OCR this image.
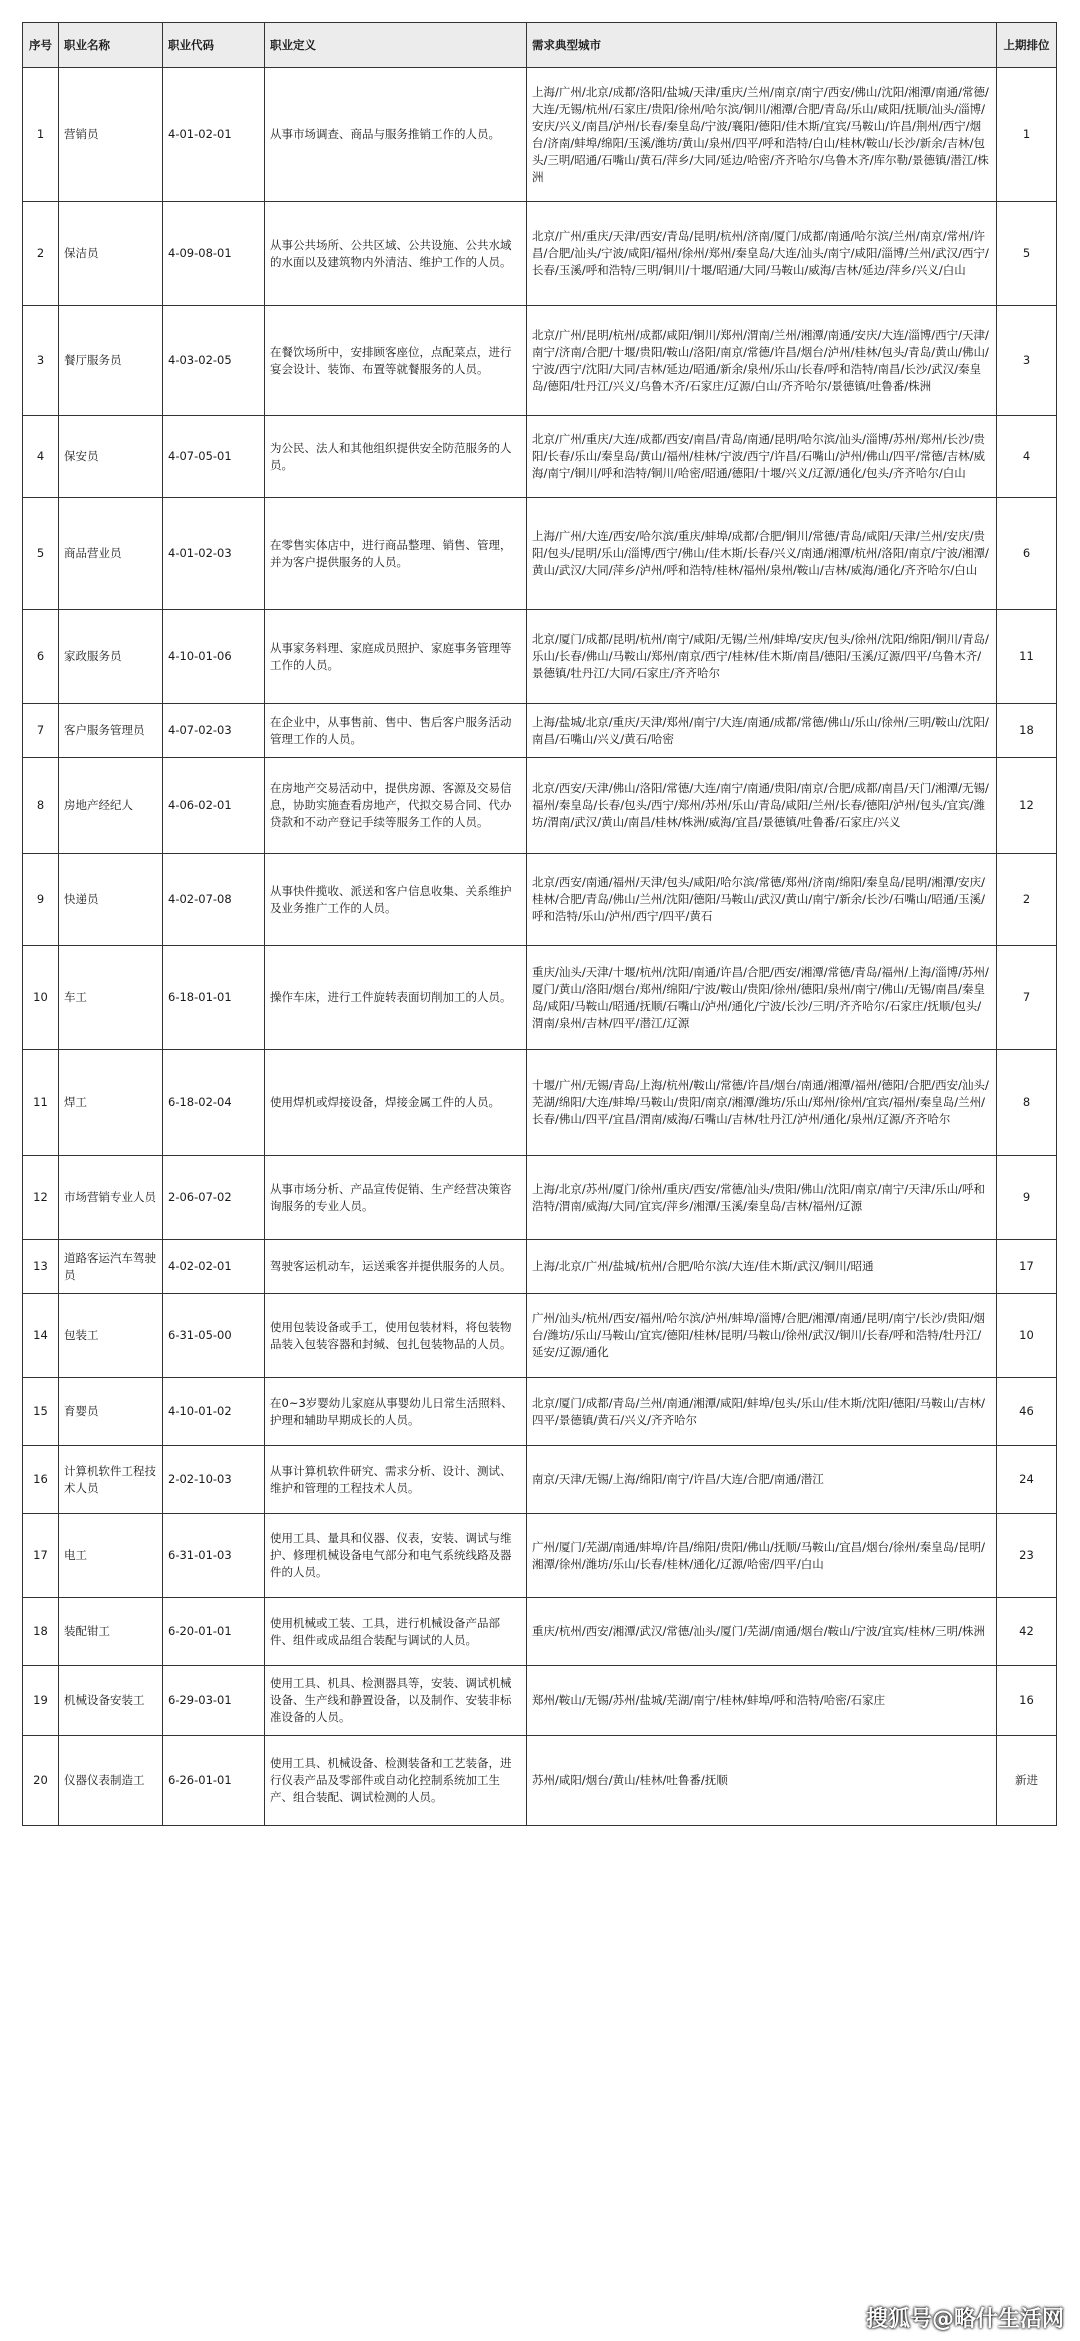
序号	职业名称	职业代码	职业定义	需求典型城市	上期排位
1	营销员	4-01-02-01	从事市场调查、商品与服务推销工作的人员。	上海/广州/北京/成都/洛阳/盐城/天津/重庆/兰州/南京/南宁/西安/佛山/沈阳/湘潭/南通/常德/大连/无锡/杭州/石家庄/贵阳/徐州/哈尔滨/铜川/湘潭/合肥/青岛/乐山/咸阳/抚顺/汕头/淄博/安庆/兴义/南昌/泸州/长春/秦皇岛/宁波/襄阳/德阳/佳木斯/宜宾/马鞍山/许昌/荆州/西宁/烟台/济南/蚌埠/绵阳/玉溪/潍坊/黄山/泉州/四平/呼和浩特/白山/桂林/鞍山/长沙/新余/吉林/包头/三明/昭通/石嘴山/黄石/萍乡/大同/延边/哈密/齐齐哈尔/乌鲁木齐/库尔勒/景德镇/潜江/株洲	1
2	保洁员	4-09-08-01	从事公共场所、公共区域、公共设施、公共水域的水面以及建筑物内外清洁、维护工作的人员。	北京/广州/重庆/天津/西安/青岛/昆明/杭州/济南/厦门/成都/南通/哈尔滨/兰州/南京/常州/许昌/合肥/汕头/宁波/咸阳/福州/徐州/郑州/秦皇岛/大连/汕头/南宁/咸阳/淄博/兰州/武汉/西宁/长春/玉溪/呼和浩特/三明/铜川/十堰/昭通/大同/马鞍山/威海/吉林/延边/萍乡/兴义/白山	5
3	餐厅服务员	4-03-02-05	在餐饮场所中，安排顾客座位，点配菜点，进行宴会设计、装饰、布置等就餐服务的人员。	北京/广州/昆明/杭州/成都/咸阳/铜川/郑州/渭南/兰州/湘潭/南通/安庆/大连/淄博/西宁/天津/南宁/济南/合肥/十堰/贵阳/鞍山/洛阳/南京/常德/许昌/烟台/泸州/桂林/包头/青岛/黄山/佛山/宁波/西宁/沈阳/大同/吉林/延边/昭通/新余/泉州/乐山/长春/呼和浩特/南昌/长沙/武汉/秦皇岛/德阳/牡丹江/兴义/乌鲁木齐/石家庄/辽源/白山/齐齐哈尔/景德镇/吐鲁番/株洲	3
4	保安员	4-07-05-01	为公民、法人和其他组织提供安全防范服务的人员。	北京/广州/重庆/大连/成都/西安/南昌/青岛/南通/昆明/哈尔滨/汕头/淄博/苏州/郑州/长沙/贵阳/长春/乐山/秦皇岛/黄山/福州/桂林/宁波/西宁/许昌/石嘴山/泸州/佛山/四平/常德/吉林/威海/南宁/铜川/呼和浩特/铜川/哈密/昭通/德阳/十堰/兴义/辽源/通化/包头/齐齐哈尔/白山	4
5	商品营业员	4-01-02-03	在零售实体店中，进行商品整理、销售、管理，并为客户提供服务的人员。	上海/广州/大连/西安/哈尔滨/重庆/蚌埠/成都/合肥/铜川/常德/青岛/咸阳/天津/兰州/安庆/贵阳/包头/昆明/乐山/淄博/西宁/佛山/佳木斯/长春/兴义/南通/湘潭/杭州/洛阳/南京/宁波/湘潭/黄山/武汉/大同/萍乡/泸州/呼和浩特/桂林/福州/泉州/鞍山/吉林/威海/通化/齐齐哈尔/白山	6
6	家政服务员	4-10-01-06	从事家务料理、家庭成员照护、家庭事务管理等工作的人员。	北京/厦门/成都/昆明/杭州/南宁/咸阳/无锡/兰州/蚌埠/安庆/包头/徐州/沈阳/绵阳/铜川/青岛/乐山/长春/佛山/马鞍山/郑州/南京/西宁/桂林/佳木斯/南昌/德阳/玉溪/辽源/四平/乌鲁木齐/景德镇/牡丹江/大同/石家庄/齐齐哈尔	11
7	客户服务管理员	4-07-02-03	在企业中，从事售前、售中、售后客户服务活动管理工作的人员。	上海/盐城/北京/重庆/天津/郑州/南宁/大连/南通/成都/常德/佛山/乐山/徐州/三明/鞍山/沈阳/南昌/石嘴山/兴义/黄石/哈密	18
8	房地产经纪人	4-06-02-01	在房地产交易活动中，提供房源、客源及交易信息，协助实施查看房地产，代拟交易合同、代办贷款和不动产登记手续等服务工作的人员。	北京/西安/天津/佛山/洛阳/常德/大连/南宁/南通/贵阳/南京/合肥/成都/南昌/天门/湘潭/无锡/福州/秦皇岛/长春/包头/西宁/郑州/苏州/乐山/青岛/咸阳/兰州/长春/德阳/泸州/包头/宜宾/潍坊/渭南/武汉/黄山/南昌/桂林/株洲/威海/宜昌/景德镇/吐鲁番/石家庄/兴义	12
9	快递员	4-02-07-08	从事快件揽收、派送和客户信息收集、关系维护及业务推广工作的人员。	北京/西安/南通/福州/天津/包头/咸阳/哈尔滨/常德/郑州/济南/绵阳/秦皇岛/昆明/湘潭/安庆/桂林/合肥/青岛/佛山/兰州/沈阳/德阳/马鞍山/武汉/黄山/南宁/新余/长沙/石嘴山/昭通/玉溪/呼和浩特/乐山/泸州/西宁/四平/黄石	2
10	车工	6-18-01-01	操作车床，进行工件旋转表面切削加工的人员。	重庆/汕头/天津/十堰/杭州/沈阳/南通/许昌/合肥/西安/湘潭/常德/青岛/福州/上海/淄博/苏州/厦门/黄山/洛阳/烟台/郑州/绵阳/宁波/鞍山/贵阳/徐州/德阳/泉州/南宁/佛山/无锡/南昌/秦皇岛/咸阳/马鞍山/昭通/抚顺/石嘴山/泸州/通化/宁波/长沙/三明/齐齐哈尔/石家庄/抚顺/包头/渭南/泉州/吉林/四平/潜江/辽源	7
11	焊工	6-18-02-04	使用焊机或焊接设备，焊接金属工件的人员。	十堰/广州/无锡/青岛/上海/杭州/鞍山/常德/许昌/烟台/南通/湘潭/福州/德阳/合肥/西安/汕头/芜湖/绵阳/大连/蚌埠/马鞍山/贵阳/南京/湘潭/潍坊/乐山/郑州/徐州/宜宾/福州/秦皇岛/兰州/长春/佛山/四平/宜昌/渭南/威海/石嘴山/吉林/牡丹江/泸州/通化/泉州/辽源/齐齐哈尔	8
12	市场营销专业人员	2-06-07-02	从事市场分析、产品宣传促销、生产经营决策咨询服务的专业人员。	上海/北京/苏州/厦门/徐州/重庆/西安/常德/汕头/贵阳/佛山/沈阳/南京/南宁/天津/乐山/呼和浩特/渭南/威海/大同/宜宾/萍乡/湘潭/玉溪/秦皇岛/吉林/福州/辽源	9
13	道路客运汽车驾驶员	4-02-02-01	驾驶客运机动车，运送乘客并提供服务的人员。	上海/北京/广州/盐城/杭州/合肥/哈尔滨/大连/佳木斯/武汉/铜川/昭通	17
14	包装工	6-31-05-00	使用包装设备或手工，使用包装材料，将包装物品装入包装容器和封缄、包扎包装物品的人员。	广州/汕头/杭州/西安/福州/哈尔滨/泸州/蚌埠/淄博/合肥/湘潭/南通/昆明/南宁/长沙/贵阳/烟台/潍坊/乐山/马鞍山/宜宾/德阳/桂林/昆明/马鞍山/徐州/武汉/铜川/长春/呼和浩特/牡丹江/延安/辽源/通化	10
15	育婴员	4-10-01-02	在0~3岁婴幼儿家庭从事婴幼儿日常生活照料、护理和辅助早期成长的人员。	北京/厦门/成都/青岛/兰州/南通/湘潭/咸阳/蚌埠/包头/乐山/佳木斯/沈阳/德阳/马鞍山/吉林/四平/景德镇/黄石/兴义/齐齐哈尔	46
16	计算机软件工程技术人员	2-02-10-03	从事计算机软件研究、需求分析、设计、测试、维护和管理的工程技术人员。	南京/天津/无锡/上海/绵阳/南宁/许昌/大连/合肥/南通/潜江	24
17	电工	6-31-01-03	使用工具、量具和仪器、仪表，安装、调试与维护、修理机械设备电气部分和电气系统线路及器件的人员。	广州/厦门/芜湖/南通/蚌埠/许昌/绵阳/贵阳/佛山/抚顺/马鞍山/宜昌/烟台/徐州/秦皇岛/昆明/湘潭/徐州/潍坊/乐山/长春/桂林/通化/辽源/哈密/四平/白山	23
18	装配钳工	6-20-01-01	使用机械或工装、工具，进行机械设备产品部件、组件或成品组合装配与调试的人员。	重庆/杭州/西安/湘潭/武汉/常德/汕头/厦门/芜湖/南通/烟台/鞍山/宁波/宜宾/桂林/三明/株洲	42
19	机械设备安装工	6-29-03-01	使用工具、机具、检测器具等，安装、调试机械设备、生产线和静置设备，以及制作、安装非标准设备的人员。	郑州/鞍山/无锡/苏州/盐城/芜湖/南宁/桂林/蚌埠/呼和浩特/哈密/石家庄	16
20	仪器仪表制造工	6-26-01-01	使用工具、机械设备、检测装备和工艺装备，进行仪表产品及零部件或自动化控制系统加工生产、组合装配、调试检测的人员。	苏州/咸阳/烟台/黄山/桂林/吐鲁番/抚顺	新进
搜狐号@略什生活网
